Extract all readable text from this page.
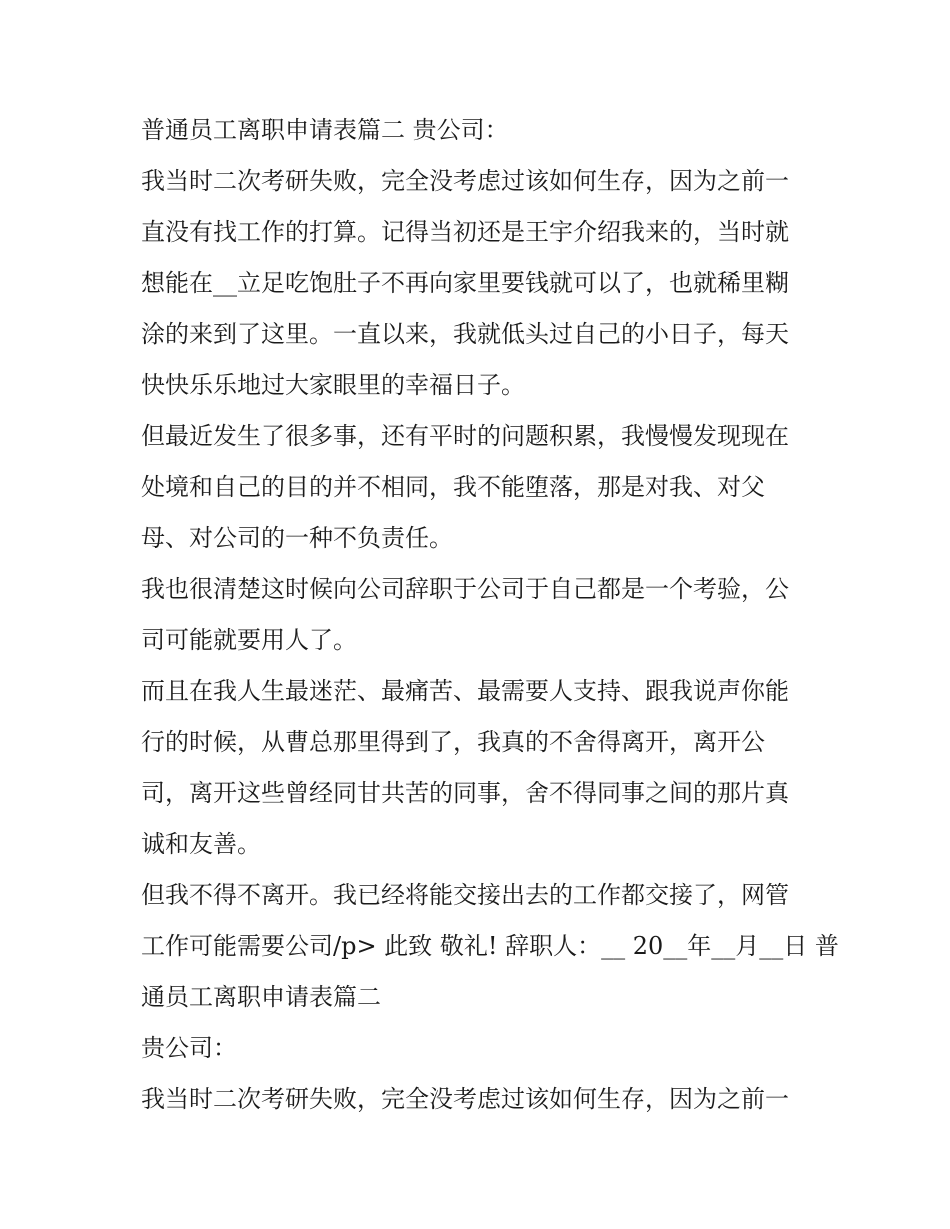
普通员工离职申请表篇二 贵公司：
我当时二次考研失败，完全没考虑过该如何生存，因为之前一
直没有找工作的打算。记得当初还是王宇介绍我来的，当时就
想能在__立足吃饱肚子不再向家里要钱就可以了，也就稀里糊
涂的来到了这里。一直以来，我就低头过自己的小日子，每天
快快乐乐地过大家眼里的幸福日子。
但最近发生了很多事，还有平时的问题积累，我慢慢发现现在
处境和自己的目的并不相同，我不能堕落，那是对我、对父
母、对公司的一种不负责任。
我也很清楚这时候向公司辞职于公司于自己都是一个考验，公
司可能就要用人了。
而且在我人生最迷茫、最痛苦、最需要人支持、跟我说声你能
行的时候，从曹总那里得到了，我真的不舍得离开，离开公
司，离开这些曾经同甘共苦的同事，舍不得同事之间的那片真
诚和友善。
但我不得不离开。我已经将能交接出去的工作都交接了，网管
工作可能需要公司/p> 此致 敬礼! 辞职人：__ 20__年__月__日 普
通员工离职申请表篇二
贵公司：
我当时二次考研失败，完全没考虑过该如何生存，因为之前一
